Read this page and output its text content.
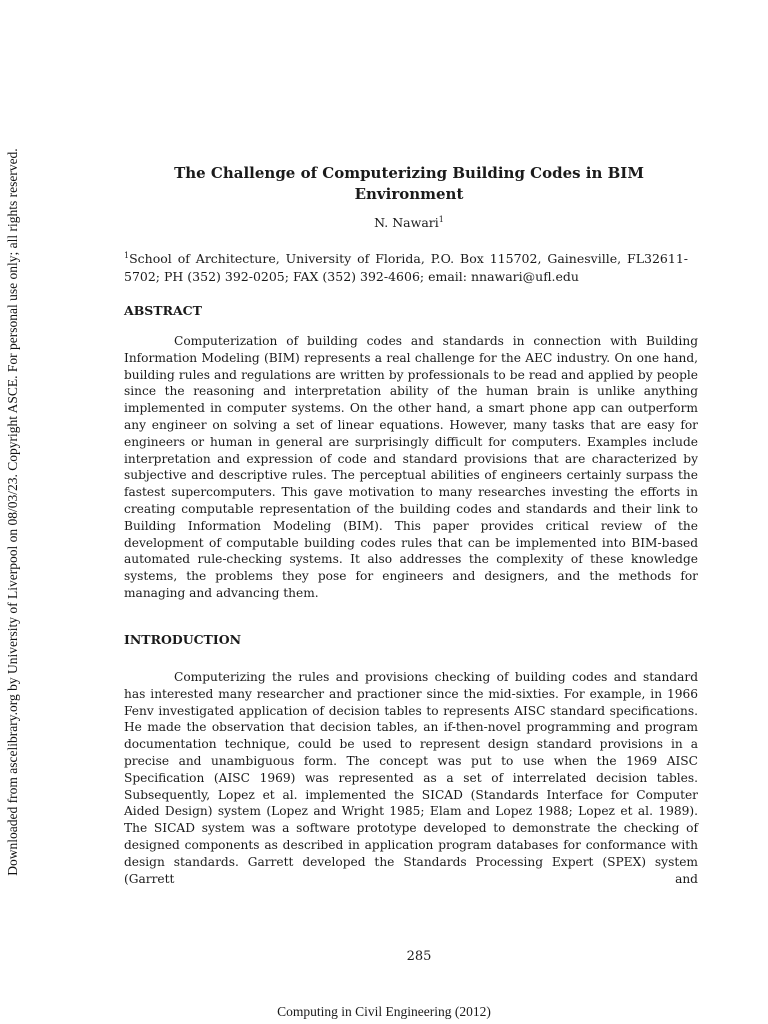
Downloaded from ascelibrary.org by University of Liverpool on 08/03/23. Copyright ASCE. For personal use only; all rights reserved.	The Challenge of Computerizing Building Codes in BIM Environment
N. Nawari$^1$
$^1$School of Architecture, University of Florida, P.O. Box 115702, Gainesville, FL32611-5702; PH (352) 392-0205; FAX (352) 392-4606; email: nnawari@ufl.edu
ABSTRACT
Computerization of building codes and standards in connection with Building Information Modeling (BIM) represents a real challenge for the AEC industry. On one hand, building rules and regulations are written by professionals to be read and applied by people since the reasoning and interpretation ability of the human brain is unlike anything implemented in computer systems. On the other hand, a smart phone app can outperform any engineer on solving a set of linear equations. However, many tasks that are easy for engineers or human in general are surprisingly difficult for computers. Examples include interpretation and expression of code and standard provisions that are characterized by subjective and descriptive rules. The perceptual abilities of engineers certainly surpass the fastest supercomputers. This gave motivation to many researches investing the efforts in creating computable representation of the building codes and standards and their link to Building Information Modeling (BIM). This paper provides critical review of the development of computable building codes rules that can be implemented into BIM-based automated rule-checking systems. It also addresses the complexity of these knowledge systems, the problems they pose for engineers and designers, and the methods for managing and advancing them.
INTRODUCTION
Computerizing the rules and provisions checking of building codes and standard has interested many researcher and practioner since the mid-sixties. For example, in 1966 Fenv investigated application of decision tables to represents AISC standard specifications. He made the observation that decision tables, an if-then-novel programming and program documentation technique, could be used to represent design standard provisions in a precise and unambiguous form. The concept was put to use when the 1969 AISC Specification (AISC 1969) was represented as a set of interrelated decision tables. Subsequently, Lopez et al. implemented the SICAD (Standards Interface for Computer Aided Design) system (Lopez and Wright 1985; Elam and Lopez 1988; Lopez et al. 1989). The SICAD system was a software prototype developed to demonstrate the checking of designed components as described in application program databases for conformance with design standards. Garrett developed the Standards Processing Expert (SPEX) system (Garrett and
285
Computing in Civil Engineering (2012)
